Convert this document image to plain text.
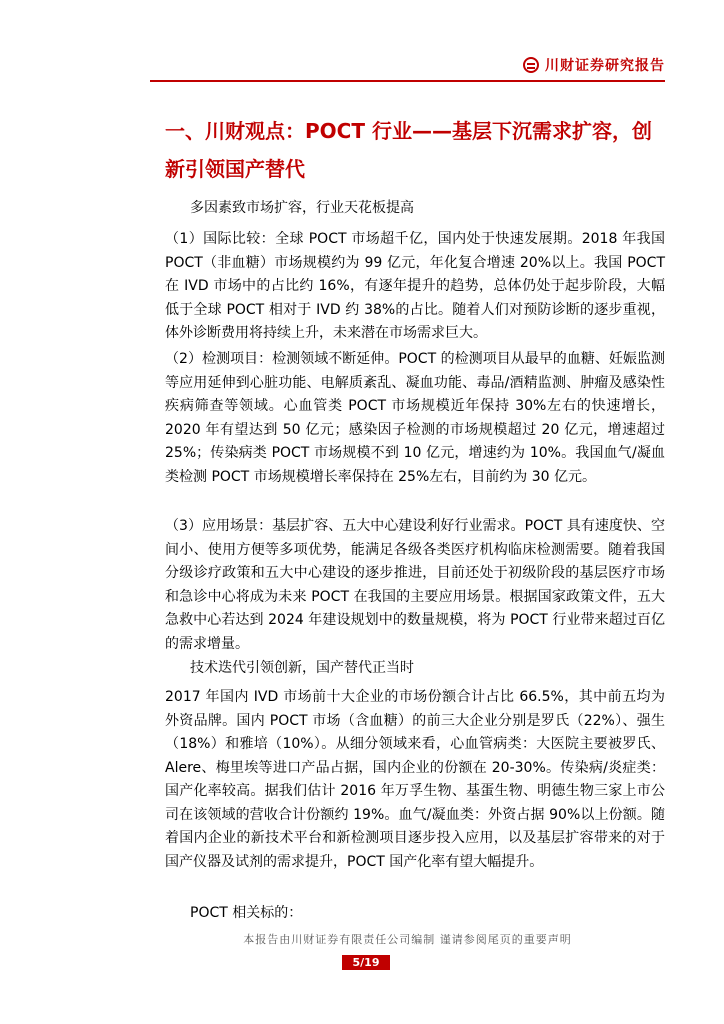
川财证券研究报告
一、川财观点：POCT 行业——基层下沉需求扩容，创新引领国产替代
多因素致市场扩容，行业天花板提高
（1）国际比较：全球 POCT 市场超千亿，国内处于快速发展期。2018 年我国 POCT（非血糖）市场规模约为 99 亿元，年化复合增速 20%以上。我国 POCT 在 IVD 市场中的占比约 16%，有逐年提升的趋势，总体仍处于起步阶段，大幅低于全球 POCT 相对于 IVD 约 38%的占比。随着人们对预防诊断的逐步重视，体外诊断费用将持续上升，未来潜在市场需求巨大。
（2）检测项目：检测领域不断延伸。POCT 的检测项目从最早的血糖、妊娠监测等应用延伸到心脏功能、电解质紊乱、凝血功能、毒品/酒精监测、肿瘤及感染性疾病筛查等领域。心血管类 POCT 市场规模近年保持 30%左右的快速增长，2020 年有望达到 50 亿元；感染因子检测的市场规模超过 20 亿元，增速超过 25%；传染病类 POCT 市场规模不到 10 亿元，增速约为 10%。我国血气/凝血类检测 POCT 市场规模增长率保持在 25%左右，目前约为 30 亿元。
（3）应用场景：基层扩容、五大中心建设利好行业需求。POCT 具有速度快、空间小、使用方便等多项优势，能满足各级各类医疗机构临床检测需要。随着我国分级诊疗政策和五大中心建设的逐步推进，目前还处于初级阶段的基层医疗市场和急诊中心将成为未来 POCT 在我国的主要应用场景。根据国家政策文件，五大急救中心若达到 2024 年建设规划中的数量规模，将为 POCT 行业带来超过百亿的需求增量。
技术迭代引领创新，国产替代正当时
2017 年国内 IVD 市场前十大企业的市场份额合计占比 66.5%，其中前五均为外资品牌。国内 POCT 市场（含血糖）的前三大企业分别是罗氏（22%）、强生（18%）和雅培（10%）。从细分领域来看，心血管病类：大医院主要被罗氏、Alere、梅里埃等进口产品占据，国内企业的份额在 20-30%。传染病/炎症类：国产化率较高。据我们估计 2016 年万孚生物、基蛋生物、明德生物三家上市公司在该领域的营收合计份额约 19%。血气/凝血类：外资占据 90%以上份额。随着国内企业的新技术平台和新检测项目逐步投入应用，以及基层扩容带来的对于国产仪器及试剂的需求提升，POCT 国产化率有望大幅提升。
POCT 相关标的：
本报告由川财证券有限责任公司编制 谨请参阅尾页的重要声明
5/19
